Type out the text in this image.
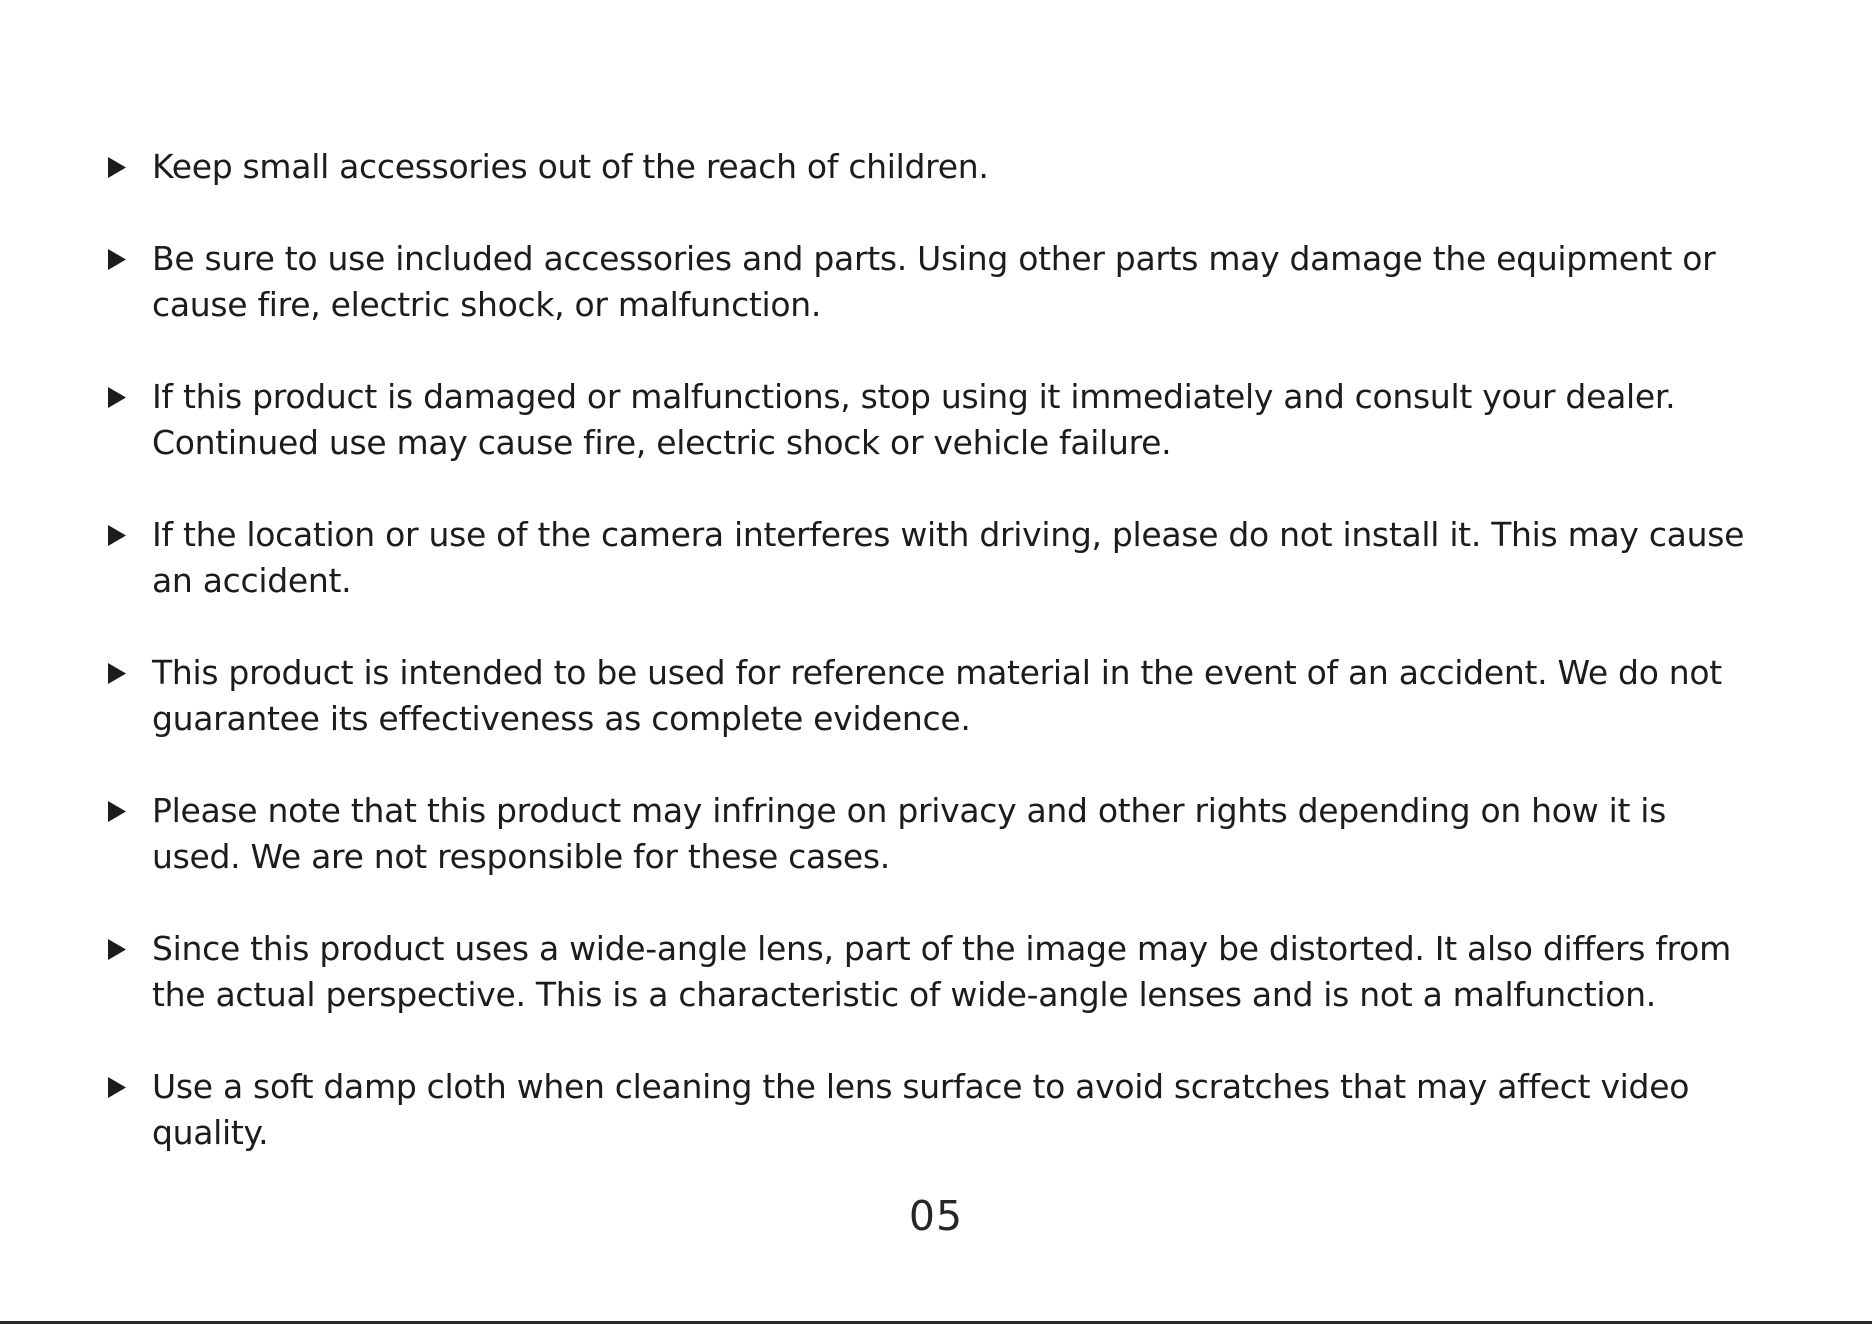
Keep small accessories out of the reach of children.
Be sure to use included accessories and parts. Using other parts may damage the equipment or
cause fire, electric shock, or malfunction.
If this product is damaged or malfunctions, stop using it immediately and consult your dealer.
Continued use may cause fire, electric shock or vehicle failure.
If the location or use of the camera interferes with driving, please do not install it. This may cause
an accident.
This product is intended to be used for reference material in the event of an accident. We do not
guarantee its effectiveness as complete evidence.
Please note that this product may infringe on privacy and other rights depending on how it is
used. We are not responsible for these cases.
Since this product uses a wide-angle lens, part of the image may be distorted. It also differs from
the actual perspective. This is a characteristic of wide-angle lenses and is not a malfunction.
Use a soft damp cloth when cleaning the lens surface to avoid scratches that may affect video
quality.
05
